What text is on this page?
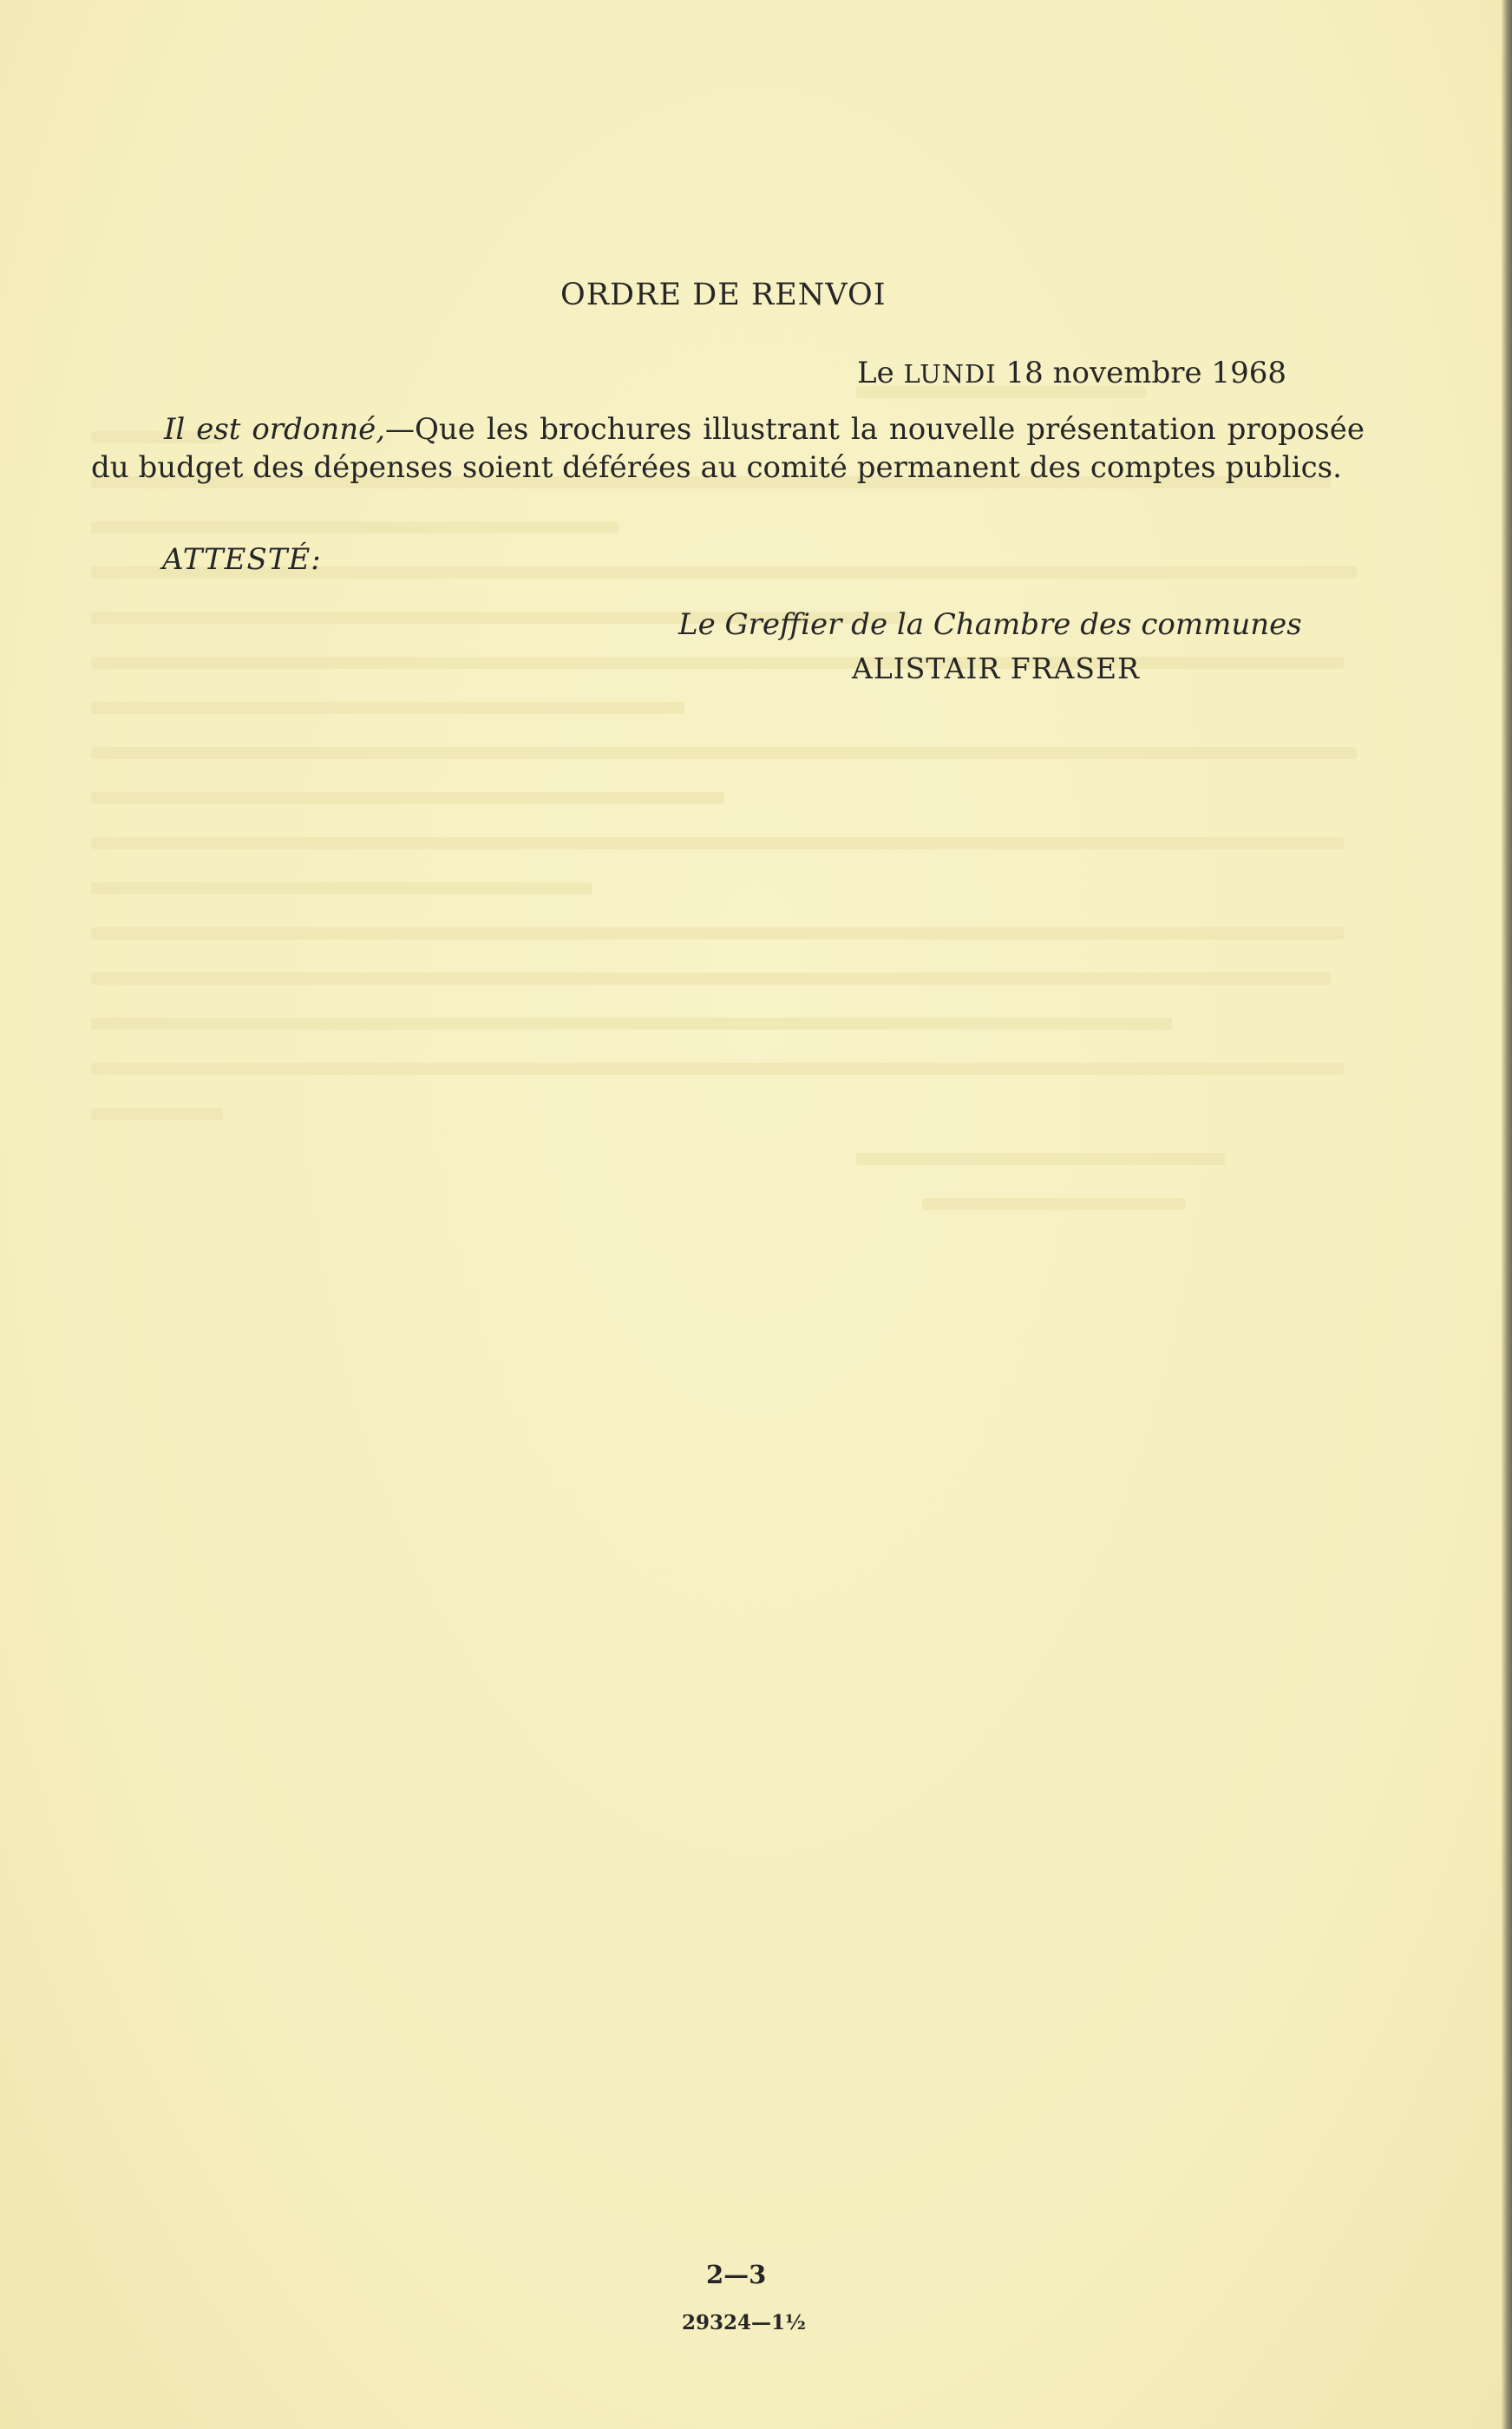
ORDRE DE RENVOI
Le LUNDI 18 novembre 1968
Il est ordonné,—Que les brochures illustrant la nouvelle présentation proposée du budget des dépenses soient déférées au comité permanent des comptes publics.
ATTESTÉ:
Le Greffier de la Chambre des communes
ALISTAIR FRASER
2—3
29324—1½
